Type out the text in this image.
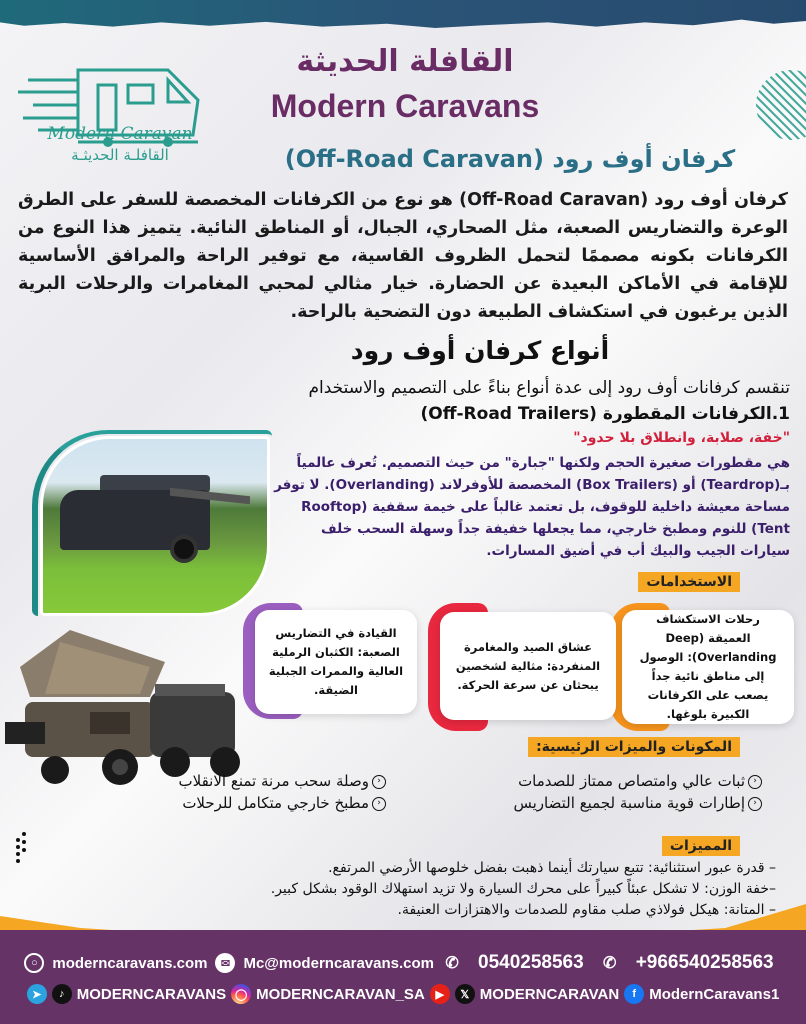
Modern Caravan
القافلـة الحديثـة
القافلة الحديثة
Modern Caravans
كرفان أوف رود (Off-Road Caravan)
كرفان أوف رود (Off-Road Caravan) هو نوع من الكرفانات المخصصة للسفر على الطرق الوعرة والتضاريس الصعبة، مثل الصحاري، الجبال، أو المناطق النائية. يتميز هذا النوع من الكرفانات بكونه مصممًا لتحمل الظروف القاسية، مع توفير الراحة والمرافق الأساسية للإقامة في الأماكن البعيدة عن الحضارة. خيار مثالي لمحبي المغامرات والرحلات البرية الذين يرغبون في استكشاف الطبيعة دون التضحية بالراحة.
أنواع كرفان أوف رود
تنقسم كرفانات أوف رود إلى عدة أنواع بناءً على التصميم والاستخدام
1.الكرفانات المقطورة (Off-Road Trailers)
"خفة، صلابة، وانطلاق بلا حدود"
هي مقطورات صغيرة الحجم ولكنها "جبارة" من حيث التصميم. تُعرف عالمياً بـ(Teardrop) أو (Box Trailers) المخصصة للأوفرلاند (Overlanding). لا توفر مساحة معيشة داخلية للوقوف، بل تعتمد غالباً على خيمة سقفية (Rooftop Tent) للنوم ومطبخ خارجي، مما يجعلها خفيفة جداً وسهلة السحب خلف سيارات الجيب والبيك أب في أضيق المسارات.
الاستخدامات
رحلات الاستكشاف العميقة (Deep Overlanding): الوصول إلى مناطق نائية جداً يصعب على الكرفانات الكبيرة بلوغها.
عشاق الصيد والمغامرة المنفردة: مثالية لشخصين يبحثان عن سرعة الحركة.
القيادة في التضاريس الصعبة: الكثبان الرملية العالية والممرات الجبلية الضيقة.
المكونات والميزات الرئيسية:
‹ثبات عالي وامتصاص ممتاز للصدمات
‹إطارات قوية مناسبة لجميع التضاريس
‹وصلة سحب مرنة تمنع الانقلاب
‹مطبخ خارجي متكامل للرحلات
المميزات
– قدرة عبور استثنائية: تتبع سيارتك أينما ذهبت بفضل خلوصها الأرضي المرتفع.
–خفة الوزن: لا تشكل عبئاً كبيراً على محرك السيارة ولا تزيد استهلاك الوقود بشكل كبير.
– المتانة: هيكل فولاذي صلب مقاوم للصدمات والاهتزازات العنيفة.
○ moderncaravans.com	✉ Mc@moderncaravans.com ✆ 0540258563 ✆ +966540258563
➤	♪ MODERNCARAVANS ◯ MODERNCARAVAN_SA ▶	𝕏 MODERNCARAVAN	f ModernCaravans1
